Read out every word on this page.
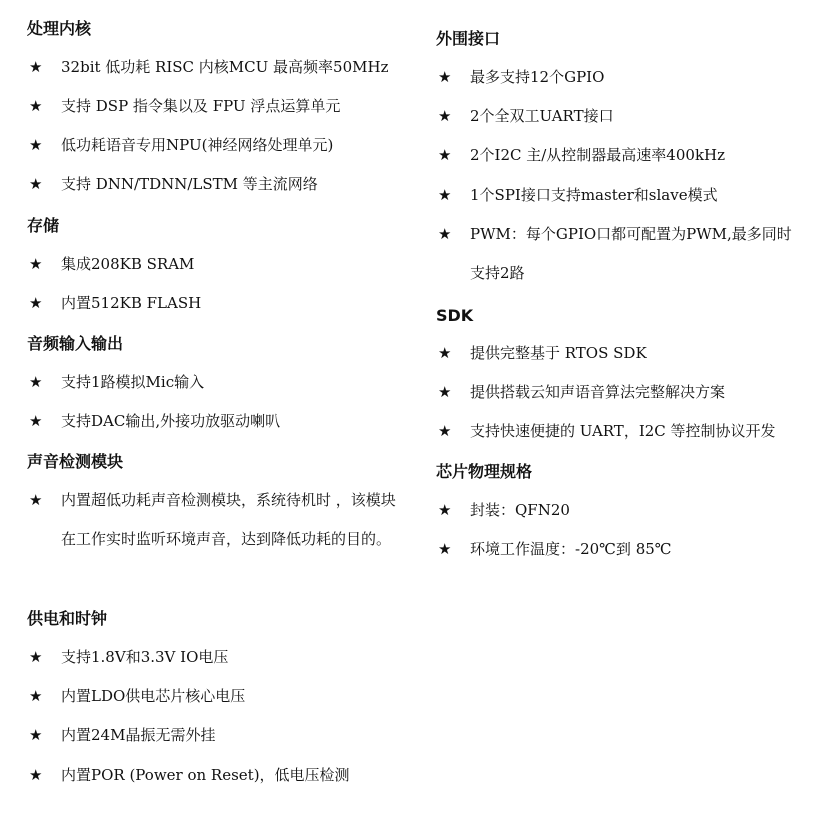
处理内核
★ 32bit 低功耗 RISC 内核MCU 最高频率50MHz
★ 支持 DSP 指令集以及 FPU 浮点运算单元
★ 低功耗语音专用NPU(神经网络处理单元)
★ 支持 DNN/TDNN/LSTM 等主流网络
存储
★ 集成208KB SRAM
★ 内置512KB FLASH
音频输入输出
★ 支持1路模拟Mic输入
★ 支持DAC输出,外接功放驱动喇叭
声音检测模块
★ 内置超低功耗声音检测模块，系统待机时 ，该模块在工作实时监听环境声音，达到降低功耗的目的。
供电和时钟
★ 支持1.8V和3.3V IO电压
★ 内置LDO供电芯片核心电压
★ 内置24M晶振无需外挂
★ 内置POR (Power on Reset)，低电压检测
外围接口
★ 最多支持12个GPIO
★ 2个全双工UART接口
★ 2个I2C 主/从控制器最高速率400kHz
★ 1个SPI接口支持master和slave模式
★ PWM：每个GPIO口都可配置为PWM,最多同时支持2路
SDK
★ 提供完整基于 RTOS SDK
★ 提供搭载云知声语音算法完整解决方案
★ 支持快速便捷的 UART，I2C 等控制协议开发
芯片物理规格
★ 封装：QFN20
★ 环境工作温度：-20℃到 85℃
